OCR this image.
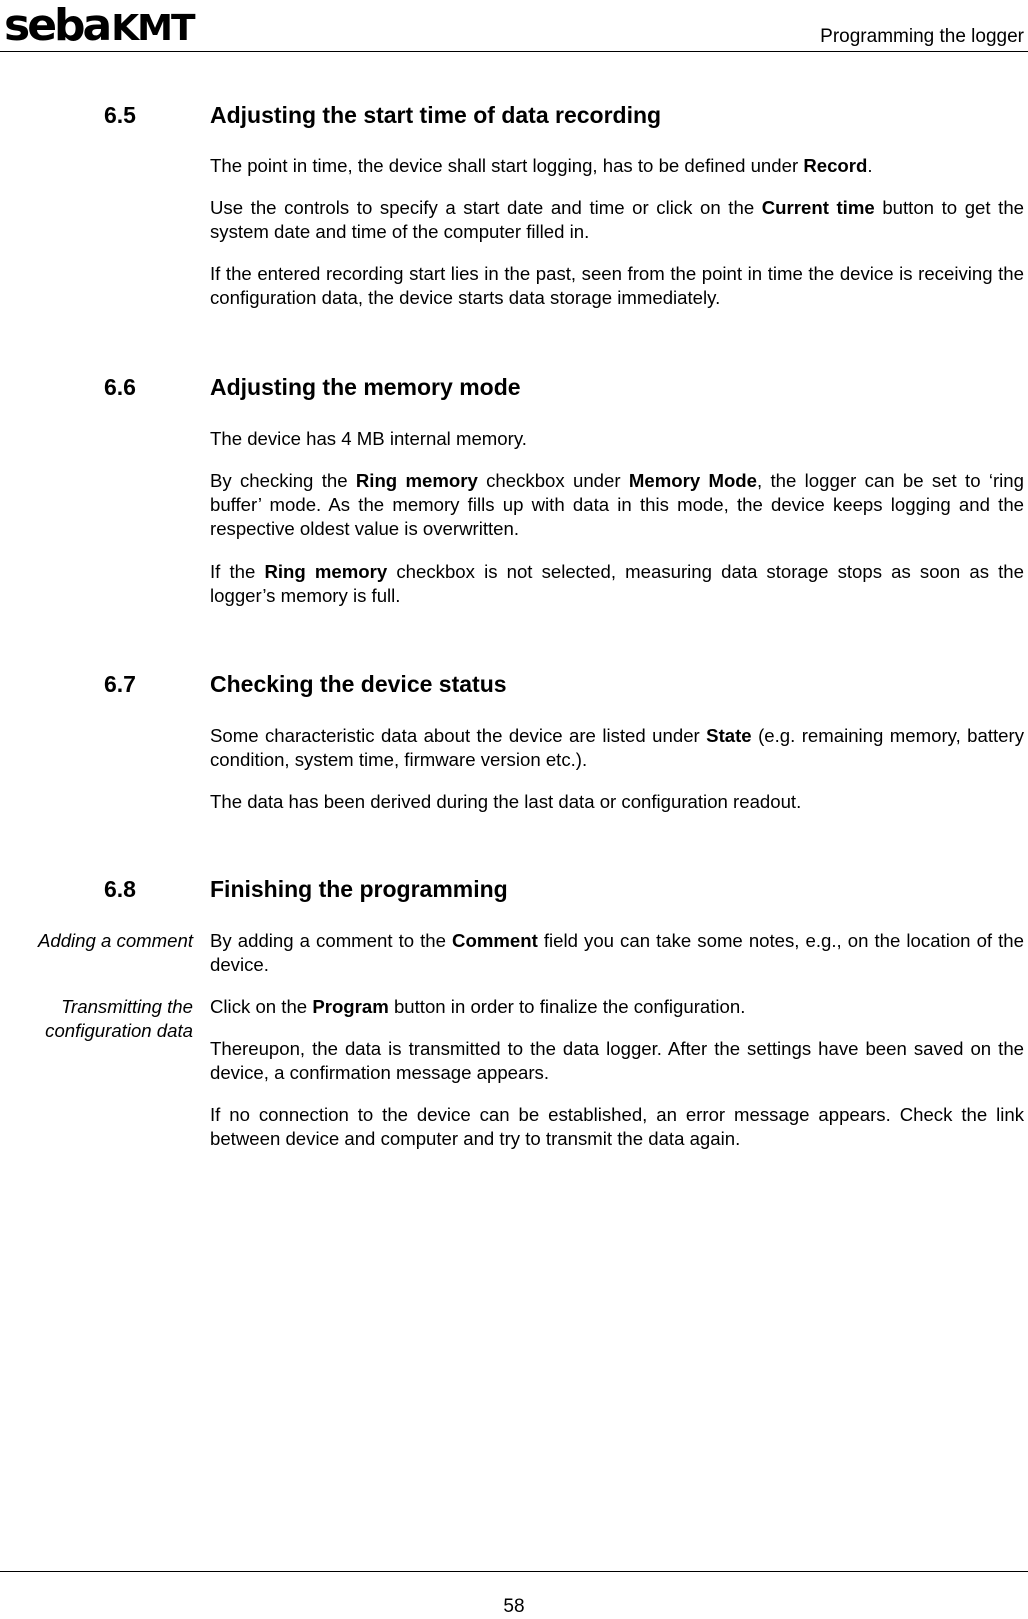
sebaKMT	Programming the logger
6.5	Adjusting the start time of data recording
The point in time, the device shall start logging, has to be defined under Record.
Use the controls to specify a start date and time or click on the Current time button to get the system date and time of the computer filled in.
If the entered recording start lies in the past, seen from the point in time the device is receiving the configuration data, the device starts data storage immediately.
6.6	Adjusting the memory mode
The device has 4 MB internal memory.
By checking the Ring memory checkbox under Memory Mode, the logger can be set to ‘ring buffer’ mode. As the memory fills up with data in this mode, the device keeps logging and the respective oldest value is overwritten.
If the Ring memory checkbox is not selected, measuring data storage stops as soon as the logger’s memory is full.
6.7	Checking the device status
Some characteristic data about the device are listed under State (e.g. remaining memory, battery condition, system time, firmware version etc.).
The data has been derived during the last data or configuration readout.
6.8	Finishing the programming
Adding a comment By adding a comment to the Comment field you can take some notes, e.g., on the location of the device.
Transmitting the configuration data
Click on the Program button in order to finalize the configuration.
Thereupon, the data is transmitted to the data logger. After the settings have been saved on the device, a confirmation message appears.
If no connection to the device can be established, an error message appears. Check the link between device and computer and try to transmit the data again.
58
